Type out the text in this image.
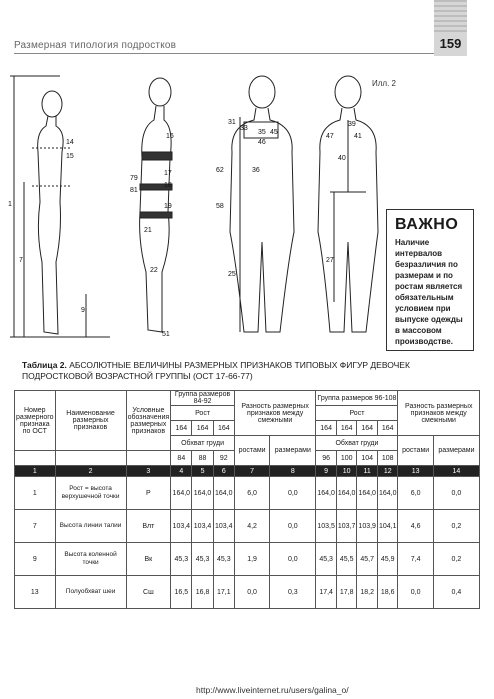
Размерная типология подростков	159
Илл. 2
1
7
9
14
15
16
17
18
19
21
22
51
79
81
31
33
35
46
36
62
58
25
45
39
47	41
40
27
ВАЖНО
Наличие интервалов безразличия по размерам и по ростам является обязательным условием при выпуске одежды в массовом производстве.
Таблица 2. АБСОЛЮТНЫЕ ВЕЛИЧИНЫ РАЗМЕРНЫХ ПРИЗНАКОВ ТИПОВЫХ ФИГУР ДЕВОЧЕК ПОДРОСТКОВОЙ ВОЗРАСТНОЙ ГРУППЫ (ОСТ 17-66-77)
Номер размерного признака по ОСТ	Наименование размерных признаков	Условные обозначения размерных признаков	Группа размеров 84-92			Разность размерных признаков между смежными		Группа размеров 96-108				Разность размерных признаков между смежными	
			Рост					Рост					
			164	164	164			164	164	164	164		
			Обхват груди			ростами	размерами	Обхват груди				ростами	размерами
			84	88	92			96	100	104	108		
1	2	3	4	5	6	7	8	9	10	11	12	13	14
1	Рост = высота верхушечной точки	Р	164,0	164,0	164,0	6,0	0,0	164,0	164,0	164,0	164,0	6,0	0,0
7	Высота линии талии	Влт	103,4	103,4	103,4	4,2	0,0	103,5	103,7	103,9	104,1	4,6	0,2
9	Высота коленной точки	Вк	45,3	45,3	45,3	1,9	0,0	45,3	45,5	45,7	45,9	7,4	0,2
13	Полуобхват шеи	Сш	16,5	16,8	17,1	0,0	0,3	17,4	17,8	18,2	18,6	0,0	0,4
http://www.liveinternet.ru/users/galina_o/
